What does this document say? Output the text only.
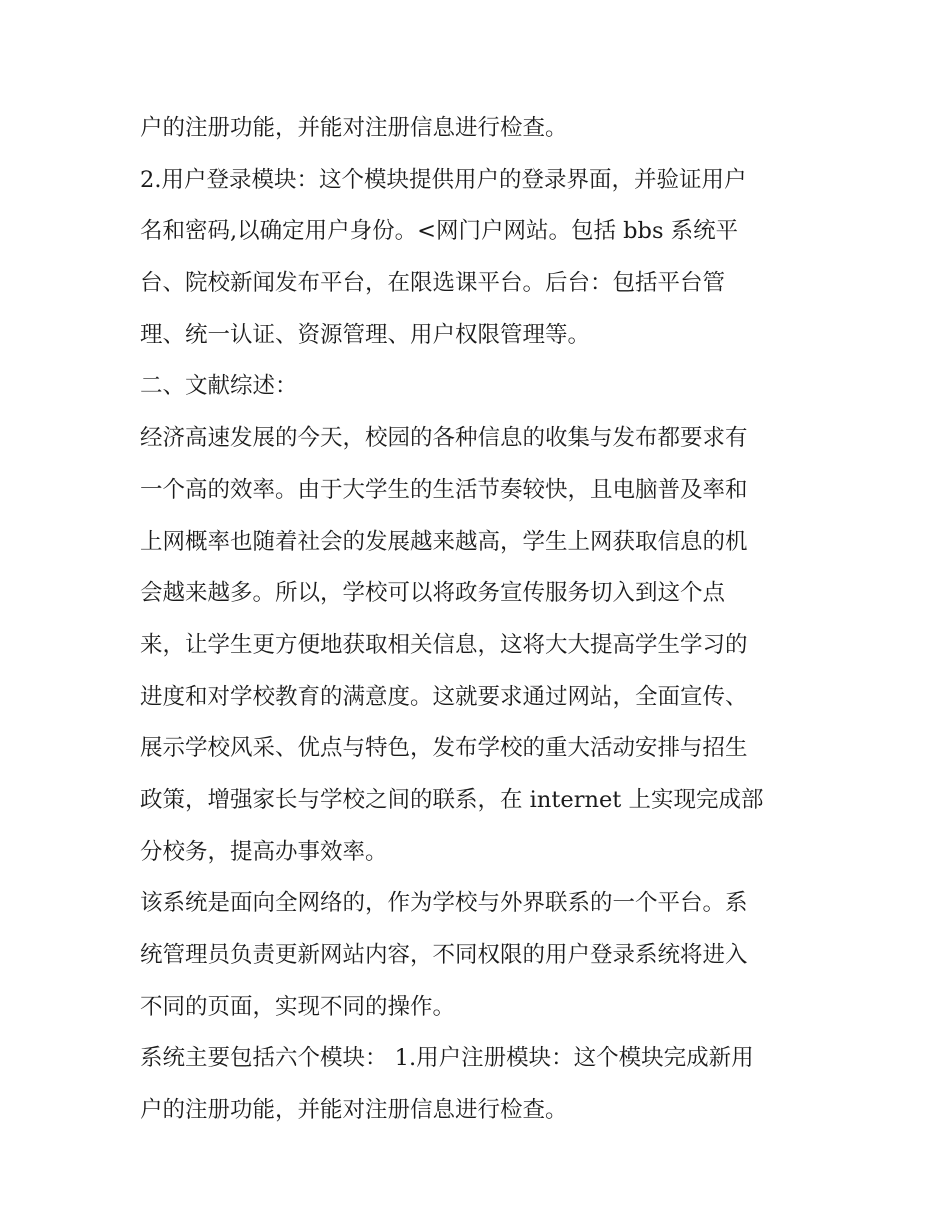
户的注册功能，并能对注册信息进行检查。
2.用户登录模块：这个模块提供用户的登录界面，并验证用户
名和密码,以确定用户身份。<网门户网站。包括 bbs 系统平
台、院校新闻发布平台，在限选课平台。后台：包括平台管
理、统一认证、资源管理、用户权限管理等。
二、文献综述：
经济高速发展的今天，校园的各种信息的收集与发布都要求有
一个高的效率。由于大学生的生活节奏较快，且电脑普及率和
上网概率也随着社会的发展越来越高，学生上网获取信息的机
会越来越多。所以，学校可以将政务宣传服务切入到这个点
来，让学生更方便地获取相关信息，这将大大提高学生学习的
进度和对学校教育的满意度。这就要求通过网站，全面宣传、
展示学校风采、优点与特色，发布学校的重大活动安排与招生
政策，增强家长与学校之间的联系，在 internet 上实现完成部
分校务，提高办事效率。
该系统是面向全网络的，作为学校与外界联系的一个平台。系
统管理员负责更新网站内容，不同权限的用户登录系统将进入
不同的页面，实现不同的操作。
系统主要包括六个模块： 1.用户注册模块：这个模块完成新用
户的注册功能，并能对注册信息进行检查。
